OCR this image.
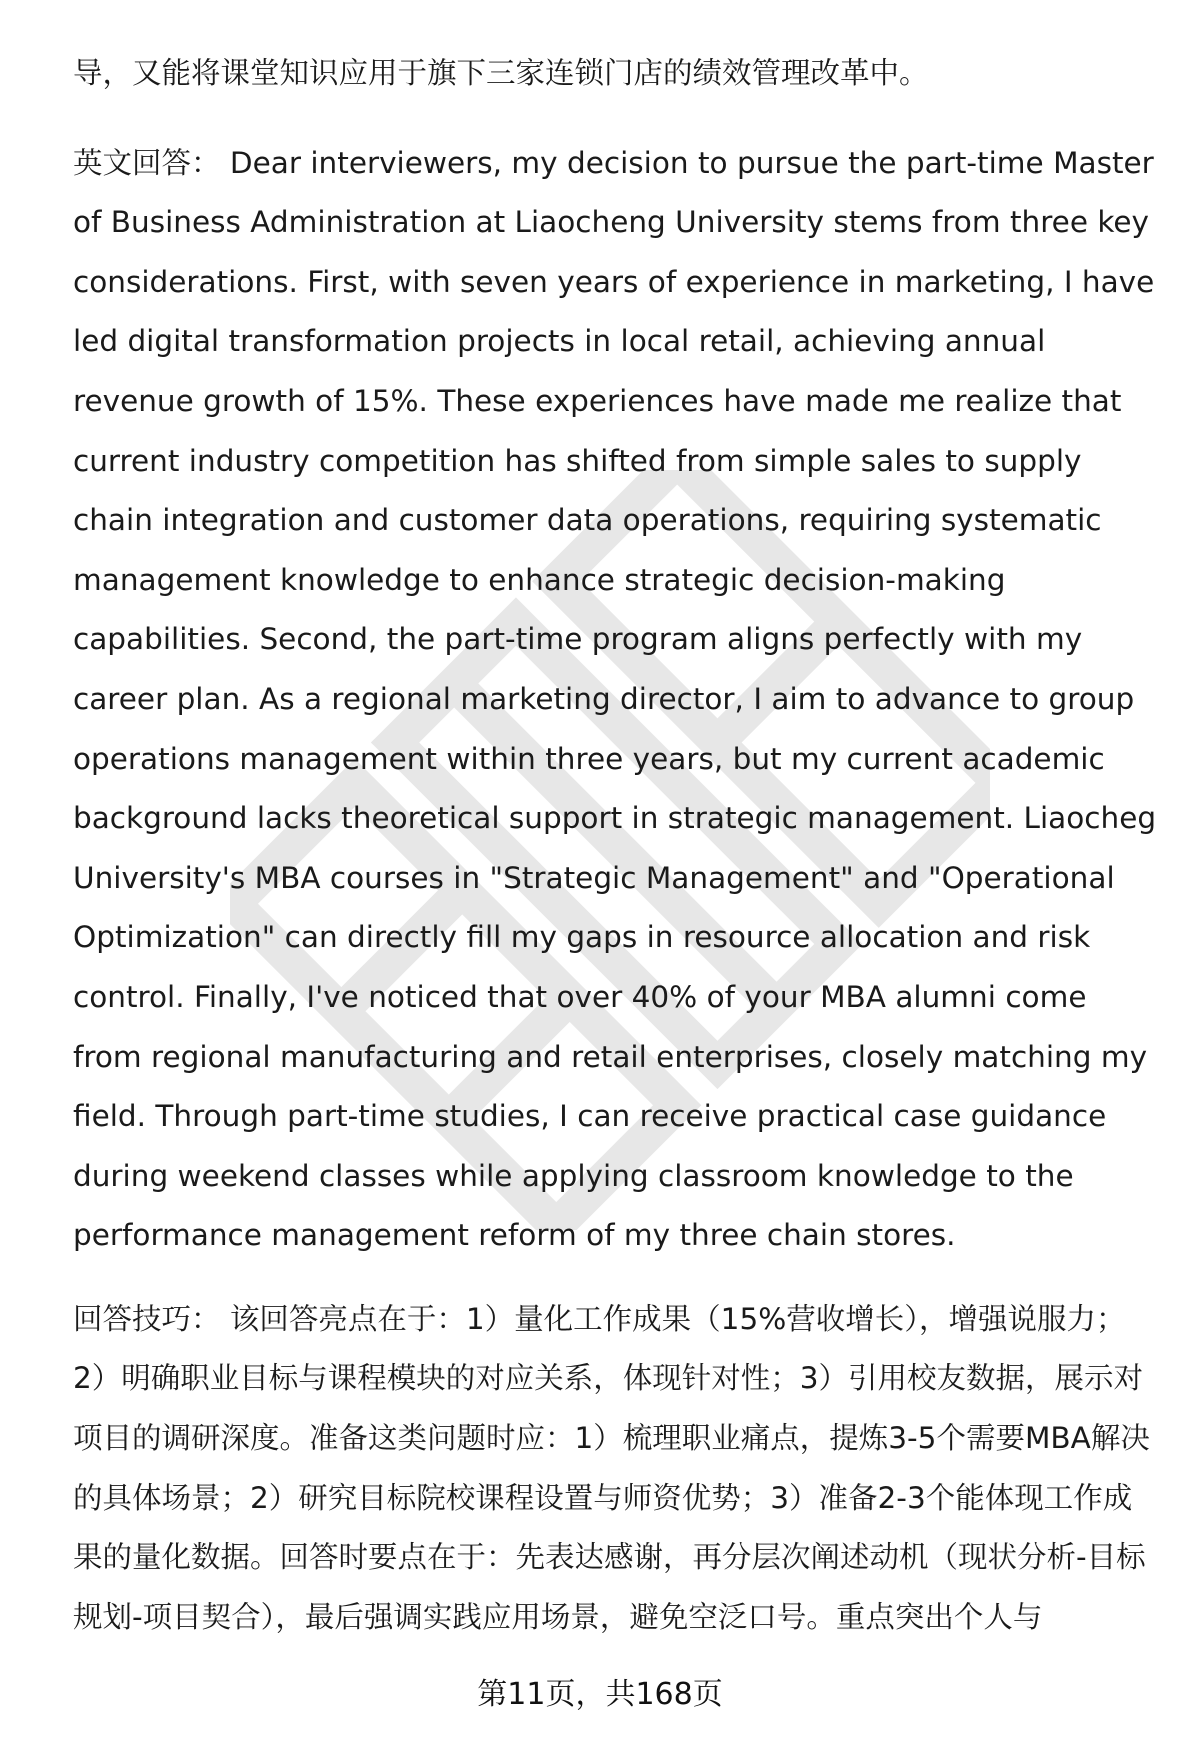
导，又能将课堂知识应用于旗下三家连锁门店的绩效管理改革中。

英文回答： Dear interviewers, my decision to pursue the part-time Master of Business Administration at Liaocheng University stems from three key considerations. First, with seven years of experience in marketing, I have led digital transformation projects in local retail, achieving annual revenue growth of 15%. These experiences have made me realize that current industry competition has shifted from simple sales to supply chain integration and customer data operations, requiring systematic management knowledge to enhance strategic decision-making capabilities. Second, the part-time program aligns perfectly with my career plan. As a regional marketing director, I aim to advance to group operations management within three years, but my current academic background lacks theoretical support in strategic management. Liaocheg University's MBA courses in "Strategic Management" and "Operational Optimization" can directly fill my gaps in resource allocation and risk control. Finally, I've noticed that over 40% of your MBA alumni come from regional manufacturing and retail enterprises, closely matching my field. Through part-time studies, I can receive practical case guidance during weekend classes while applying classroom knowledge to the performance management reform of my three chain stores.

回答技巧： 该回答亮点在于：1）量化工作成果（15%营收增长），增强说服力；2）明确职业目标与课程模块的对应关系，体现针对性；3）引用校友数据，展示对项目的调研深度。准备这类问题时应：1）梳理职业痛点，提炼3-5个需要MBA解决的具体场景；2）研究目标院校课程设置与师资优势；3）准备2-3个能体现工作成果的量化数据。回答时要点在于：先表达感谢，再分层次阐述动机（现状分析-目标规划-项目契合），最后强调实践应用场景，避免空泛口号。重点突出个人与

第11页，共168页
